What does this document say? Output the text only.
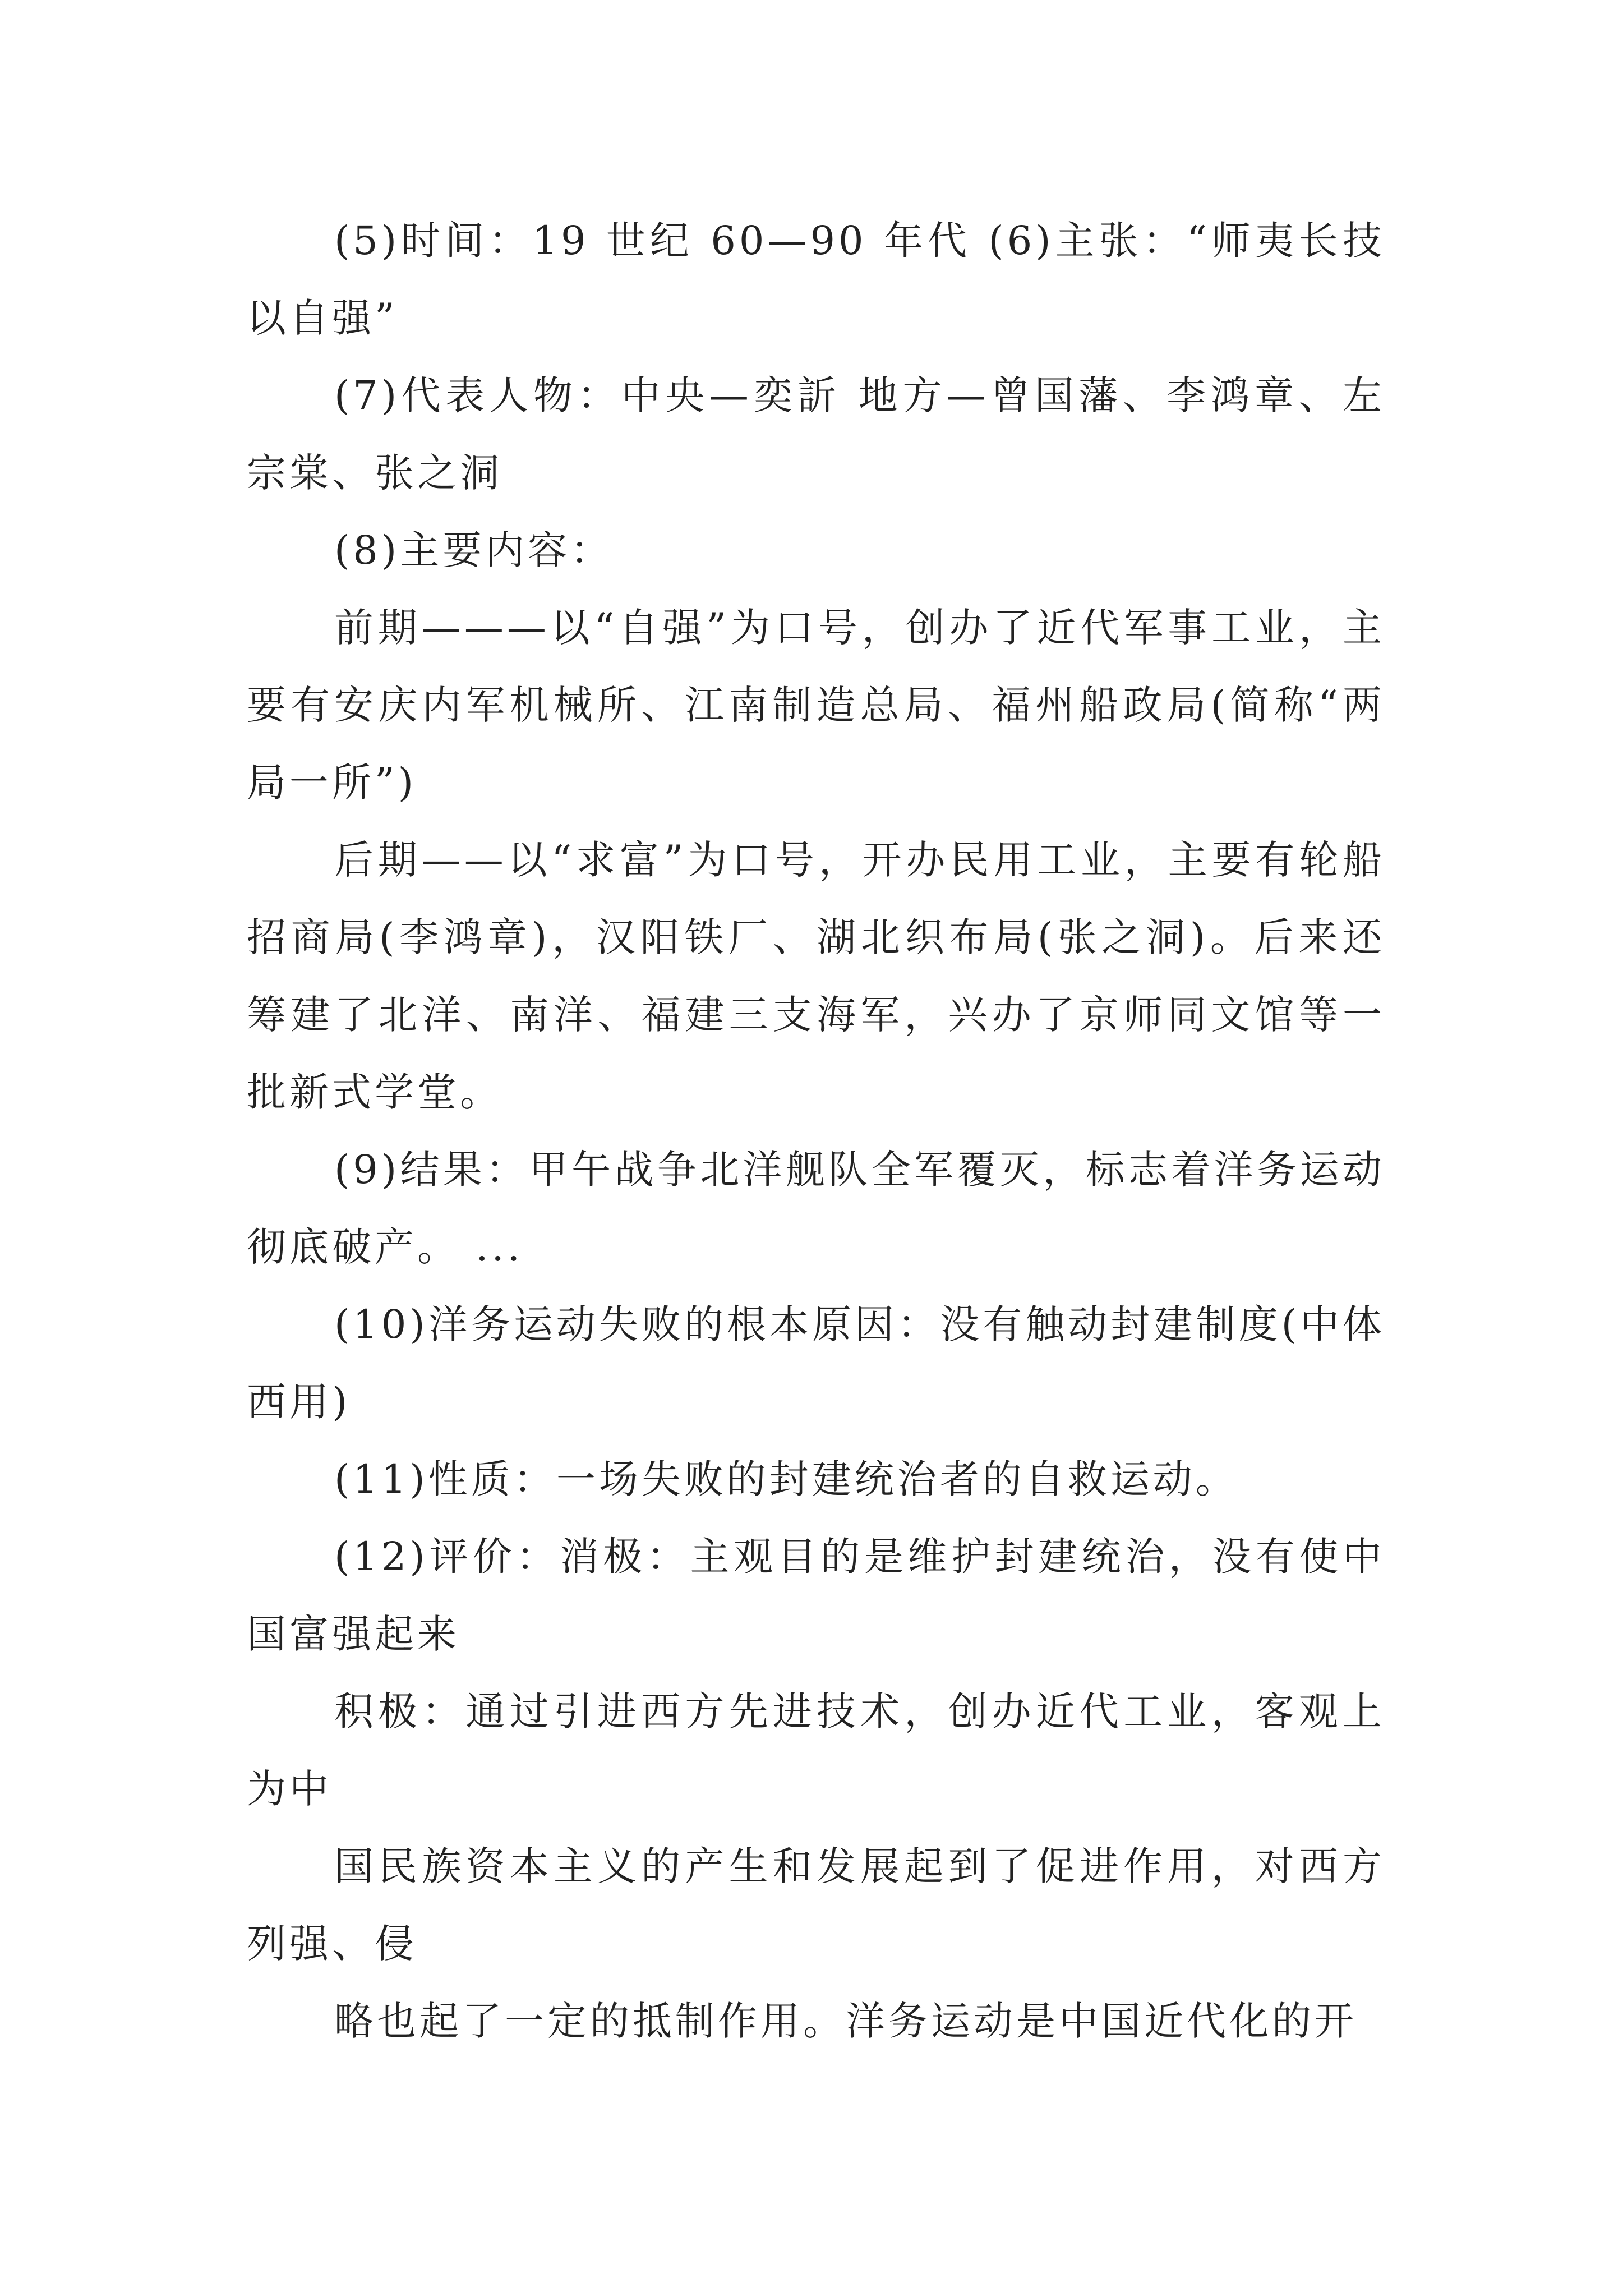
(5)时间：19 世纪 60—90 年代 (6)主张：“师夷长技以自强”

(7)代表人物：中央—奕訢 地方—曾国藩、李鸿章、左宗棠、张之洞

(8)主要内容：

前期———以“自强”为口号，创办了近代军事工业，主要有安庆内军机械所、江南制造总局、福州船政局(简称“两局一所”)

后期——以“求富”为口号，开办民用工业，主要有轮船招商局(李鸿章)，汉阳铁厂、湖北织布局(张之洞)。后来还筹建了北洋、南洋、福建三支海军，兴办了京师同文馆等一批新式学堂。

(9)结果：甲午战争北洋舰队全军覆灭，标志着洋务运动彻底破产。 ...

(10)洋务运动失败的根本原因：没有触动封建制度(中体西用)

(11)性质：一场失败的封建统治者的自救运动。

(12)评价：消极：主观目的是维护封建统治，没有使中国富强起来

积极：通过引进西方先进技术，创办近代工业，客观上为中

国民族资本主义的产生和发展起到了促进作用，对西方列强、侵

略也起了一定的抵制作用。洋务运动是中国近代化的开
